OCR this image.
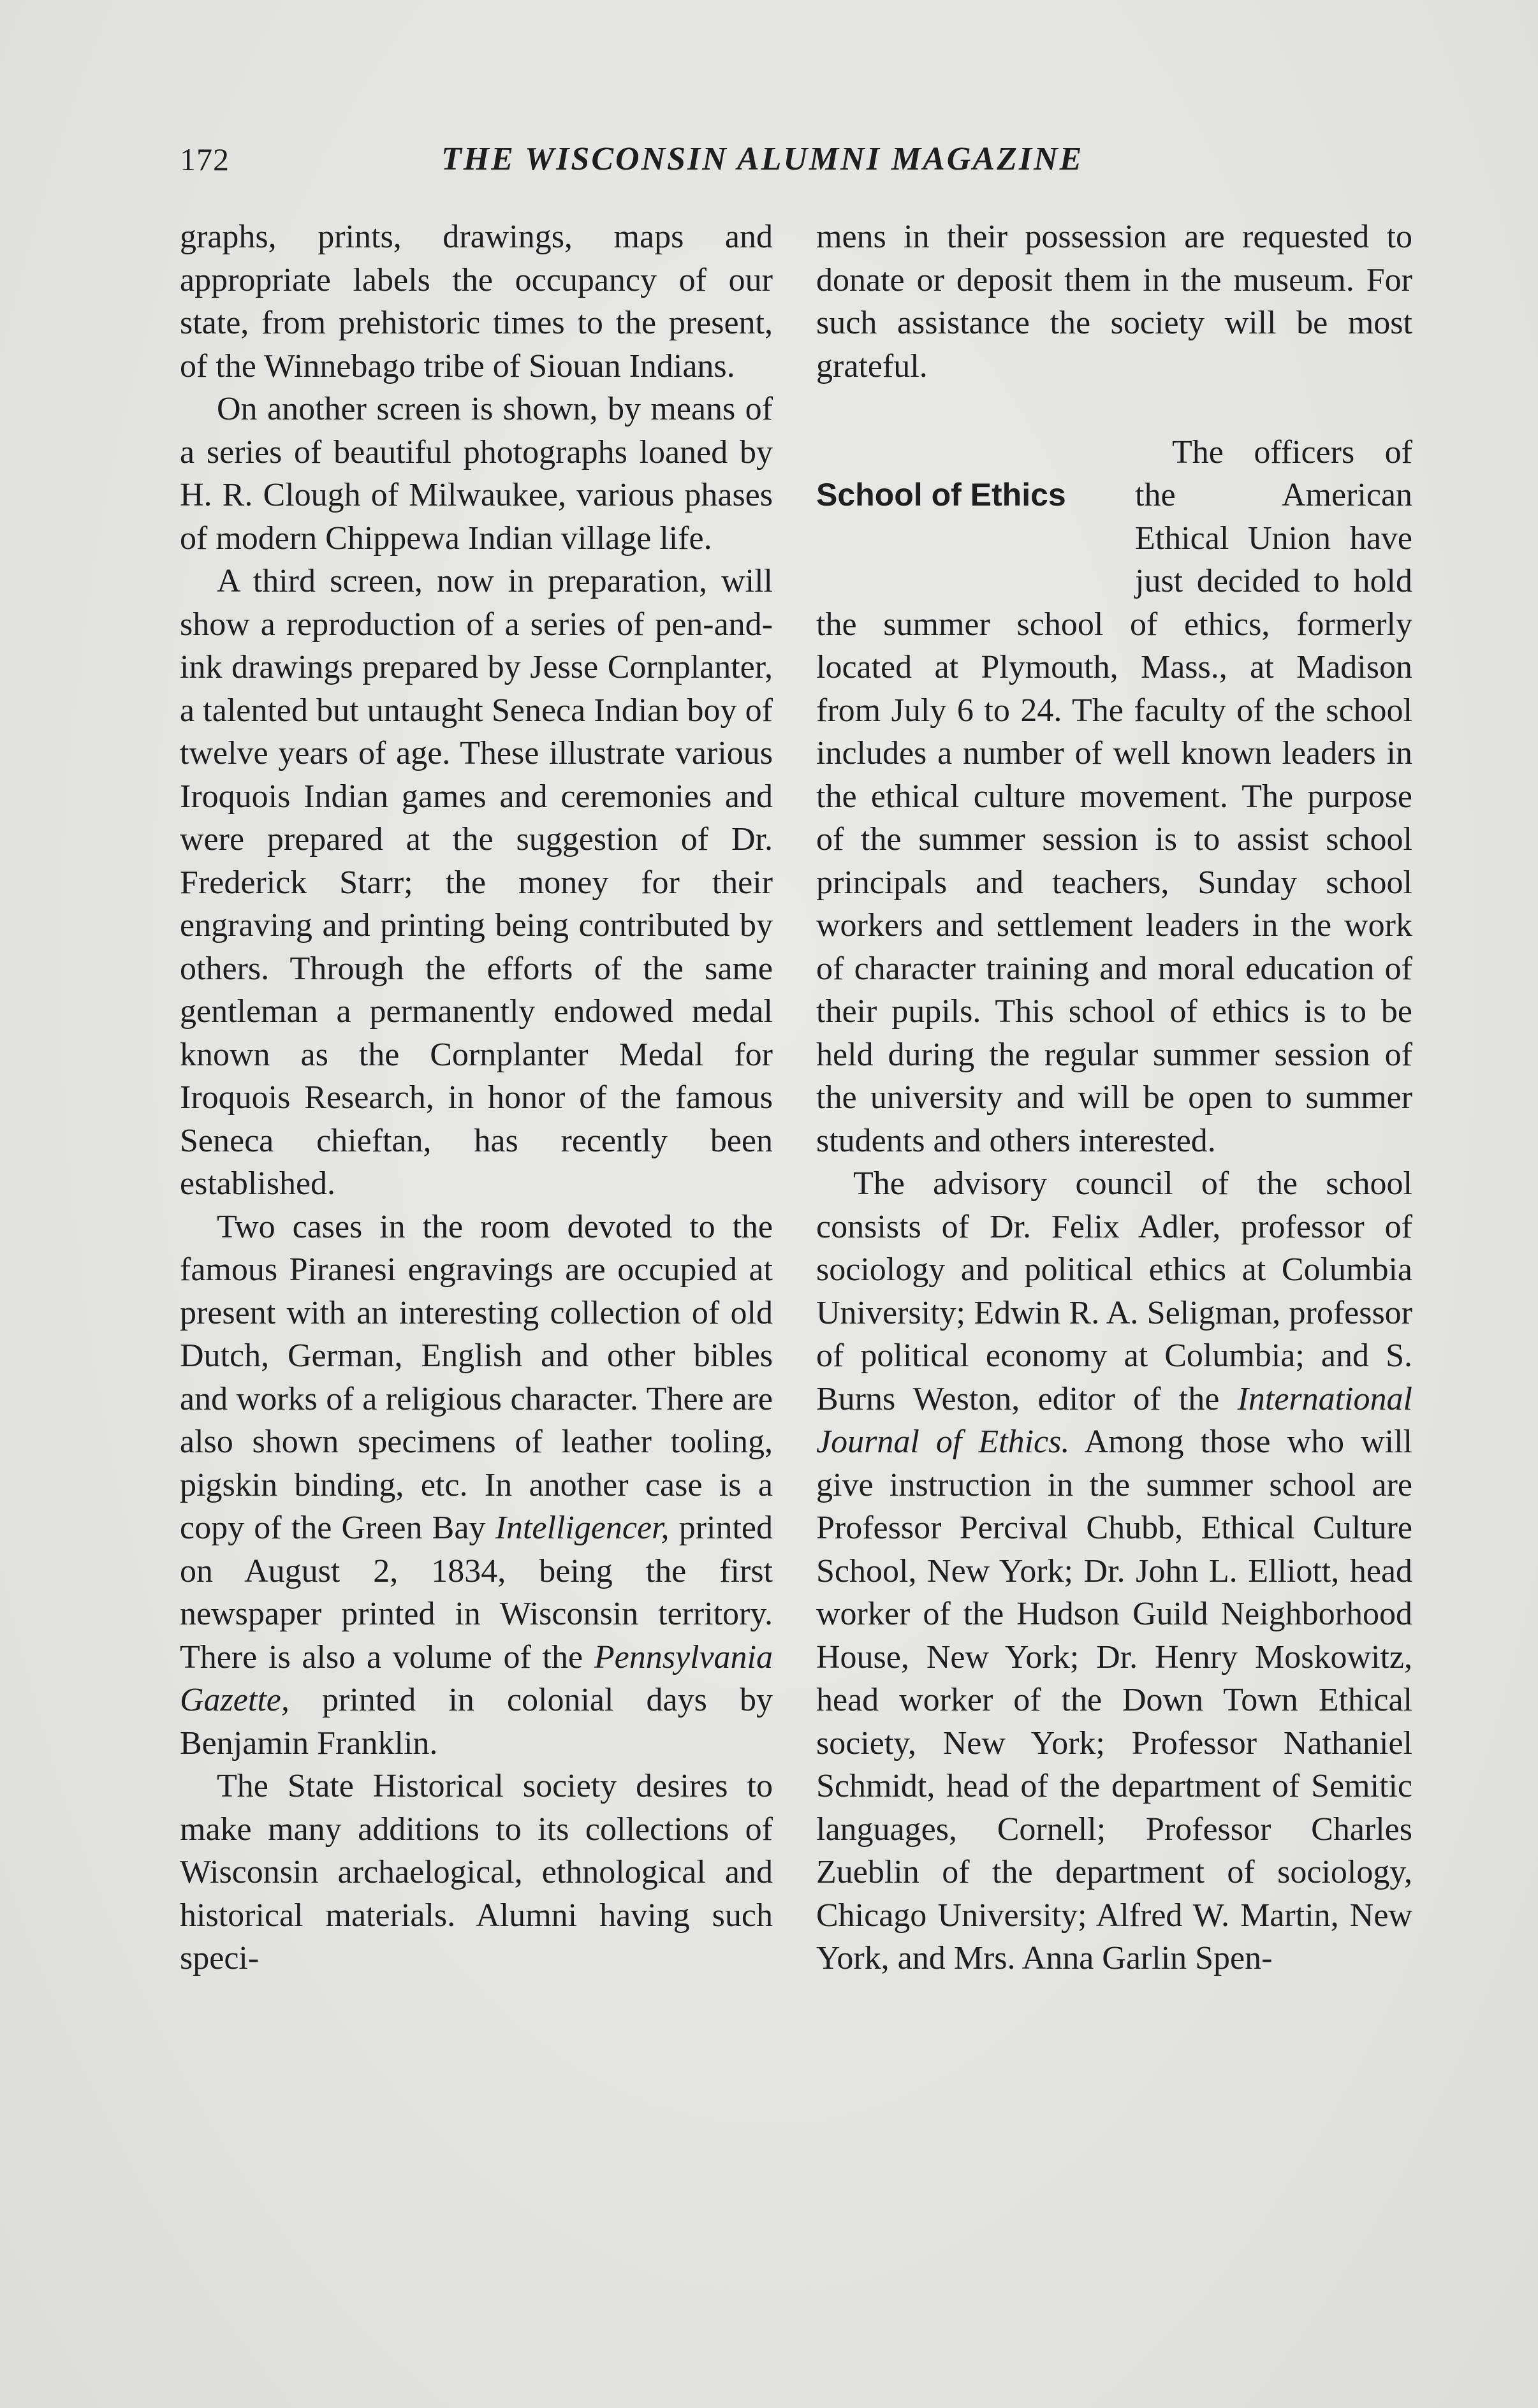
172	THE WISCONSIN ALUMNI MAGAZINE

graphs, prints, drawings, maps and appropriate labels the occupancy of our state, from prehistoric times to the present, of the Winnebago tribe of Siouan Indians.

On another screen is shown, by means of a series of beautiful photographs loaned by H. R. Clough of Milwaukee, various phases of modern Chippewa Indian village life.

A third screen, now in preparation, will show a reproduction of a series of pen-and-ink drawings prepared by Jesse Cornplanter, a talented but untaught Seneca Indian boy of twelve years of age. These illustrate various Iroquois Indian games and ceremonies and were prepared at the suggestion of Dr. Frederick Starr; the money for their engraving and printing being contributed by others. Through the efforts of the same gentleman a permanently endowed medal known as the Cornplanter Medal for Iroquois Research, in honor of the famous Seneca chieftan, has recently been established.

Two cases in the room devoted to the famous Piranesi engravings are occupied at present with an interesting collection of old Dutch, German, English and other bibles and works of a religious character. There are also shown specimens of leather tooling, pigskin binding, etc. In another case is a copy of the Green Bay Intelligencer, printed on August 2, 1834, being the first newspaper printed in Wisconsin territory. There is also a volume of the Pennsylvania Gazette, printed in colonial days by Benjamin Franklin.

The State Historical society desires to make many additions to its collections of Wisconsin archaelogical, ethnological and historical materials. Alumni having such speci-

mens in their possession are requested to donate or deposit them in the museum. For such assistance the society will be most grateful.

School of Ethics
The officers of the American Ethical Union have just decided to hold the summer school of ethics, formerly located at Plymouth, Mass., at Madison from July 6 to 24. The faculty of the school includes a number of well known leaders in the ethical culture movement. The purpose of the summer session is to assist school principals and teachers, Sunday school workers and settlement leaders in the work of character training and moral education of their pupils. This school of ethics is to be held during the regular summer session of the university and will be open to summer students and others interested.

The advisory council of the school consists of Dr. Felix Adler, professor of sociology and political ethics at Columbia University; Edwin R. A. Seligman, professor of political economy at Columbia; and S. Burns Weston, editor of the International Journal of Ethics. Among those who will give instruction in the summer school are Professor Percival Chubb, Ethical Culture School, New York; Dr. John L. Elliott, head worker of the Hudson Guild Neighborhood House, New York; Dr. Henry Moskowitz, head worker of the Down Town Ethical society, New York; Professor Nathaniel Schmidt, head of the department of Semitic languages, Cornell; Professor Charles Zueblin of the department of sociology, Chicago University; Alfred W. Martin, New York, and Mrs. Anna Garlin Spen-
